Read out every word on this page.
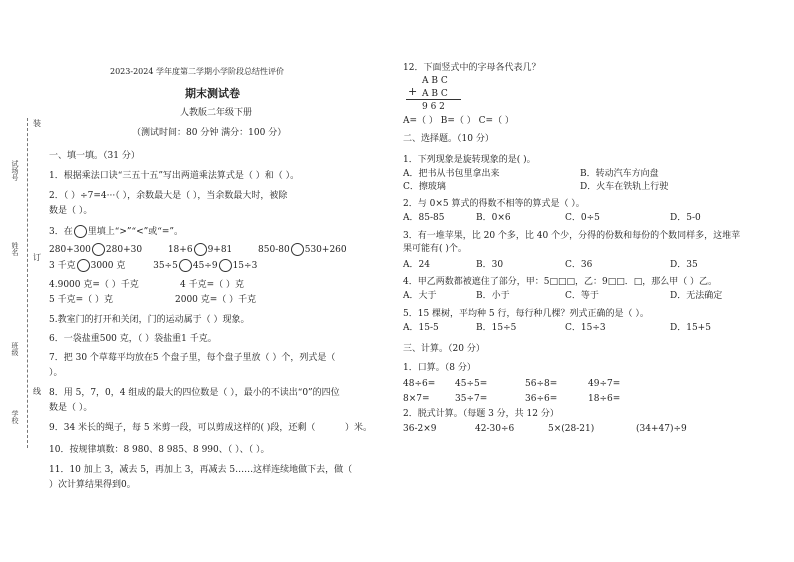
试场号
姓名
班级
学校
装
订
线
2023-2024 学年度第二学期小学阶段总结性评价
期末测试卷
人教版二年级下册
（测试时间：80 分钟 满分：100 分）
一、填一填。（31 分）
1．根据乘法口诀“三五十五”写出两道乘法算式是（ ）和（ ）。
2．（ ）÷7=4···（ ），余数最大是（ ），当余数最大时，被除
数是（ ）。
3．在 里填上“>”“<”或“=”。
280+300 280+30	18+6 9+81	850-80 530+260
3 千克 3000 克	35÷5 45÷9 15÷3
4.9000 克=（ ）千克	4 千克=（ ）克
5 千克=（ ）克	2000 克=（ ）千克
5.教室门的打开和关闭，门的运动属于（ ）现象。
6．一袋盐重500 克，（ ）袋盐重1 千克。
7．把 30 个草莓平均放在5 个盘子里，每个盘子里放（ ）个，列式是（
）。
8．用 5，7，0，4 组成的最大的四位数是（ ），最小的不读出“0”的四位
数是（ ）。
9．34 米长的绳子，每 5 米剪一段，可以剪成这样的( )段，还剩（	）米。
10．按规律填数：8 980、8 985、8 990、（ ）、（ ）。
11．10 加上 3，减去 5，再加上 3，再减去 5……这样连续地做下去，做（
）次计算结果得到0。
12．下面竖式中的字母各代表几？
A B C
+ A B C
9 6 2
A=（ ） B=（ ） C=（ ）
二、选择题。（10 分）
1．下列现象是旋转现象的是( )。
A．把书从书包里拿出来	B．转动汽车方向盘
C．擦玻璃	D．火车在铁轨上行驶
2．与 0×5 算式的得数不相等的算式是（ ）。
A．85-85	B．0×6	C．0÷5	D．5-0
3．有一堆苹果，比 20 个多，比 40 个少，分得的份数和每份的个数同样多，这堆苹
果可能有( )个。
A．24	B．30	C．36	D．35
4．甲乙两数都被遮住了部分，甲：5□□□，乙：9□□．□，那么甲（ ）乙。
A．大于	B．小于	C．等于	D．无法确定
5．15 棵树，平均种 5 行，每行种几棵？列式正确的是（ ）。
A．15-5	B．15÷5	C．15÷3	D．15+5
三、计算。（20 分）
1．口算。（8 分）
48÷6= 45÷5=	56÷8=	49÷7=
8×7=	35÷7=	36÷6=	18÷6=
2．脱式计算。（每题 3 分，共 12 分）
36-2×9	42-30÷6	5×(28-21)	(34+47)÷9
